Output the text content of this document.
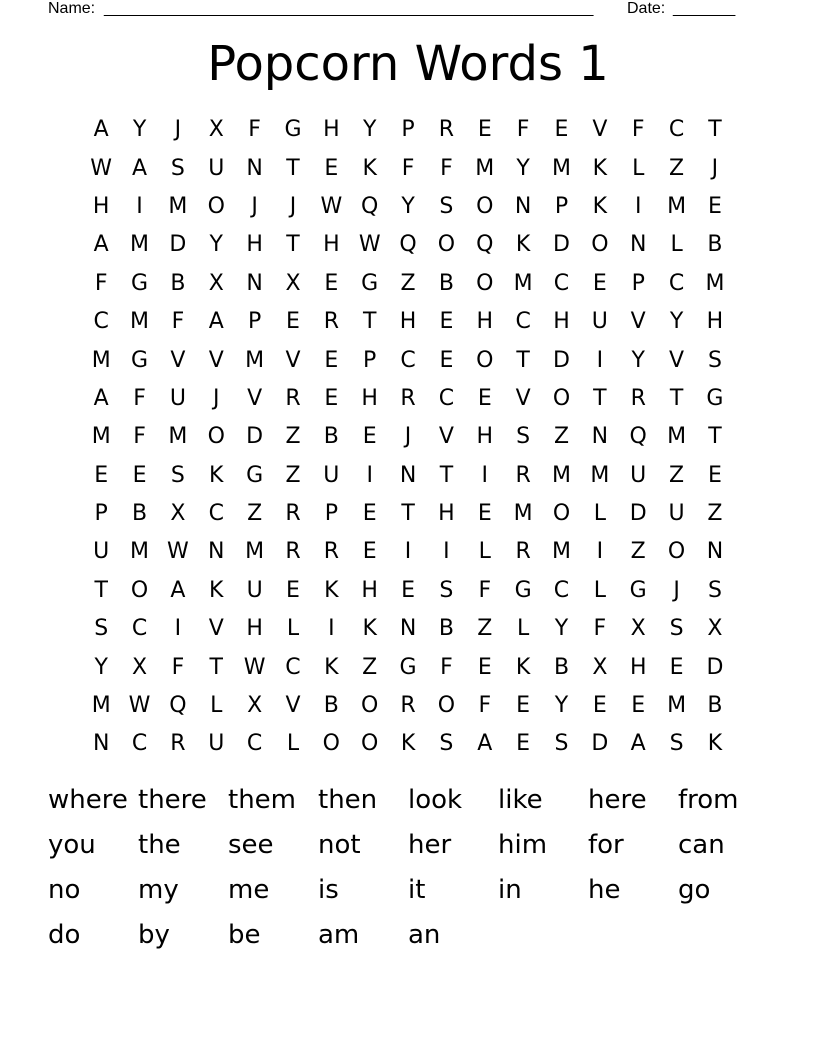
Name: _______________________________________________________ Date: _______
Popcorn Words 1
A	Y	J	X	F	G H	Y	P	R	E	F	E	V	F	C	T
W A	S	U	N	T	E	K	F	F	M	Y	M K	L	Z	J
H	I	M O	J	J	W Q	Y	S	O N	P	K	I	M E
A M D	Y	H	T	H W Q O Q	K	D O N	L	B
F	G	B	X	N	X	E	G	Z	B	O M C	E	P	C M
C M	F	A	P	E	R	T	H	E	H	C	H	U	V	Y	H
M G	V	V M V	E	P	C	E	O	T	D	I	Y	V	S
A	F	U	J	V	R	E	H	R	C	E	V	O	T	R	T	G
M	F	M O D	Z	B	E	J	V	H	S	Z	N Q M	T
E	E	S	K	G	Z	U	I	N	T	I	R M M U	Z	E
P	B	X	C	Z	R	P	E	T	H	E M O	L	D U	Z
U M W N M R	R	E	I	I	L	R M	I	Z	O N
T	O	A	K	U	E	K	H	E	S	F	G	C	L	G	J	S
S	C	I	V	H	L	I	K	N	B	Z	L	Y	F	X	S	X
Y	X	F	T W C	K	Z	G	F	E	K	B	X	H	E	D
M W Q	L	X	V	B	O	R	O	F	E	Y	E	E M B
N	C	R	U	C	L	O O	K	S	A	E	S	D	A	S	K
where there them then	look	like	here	from
you	the	see	not	her	him	for	can
no	my	me	is	it	in	he	go
do	by	be	am	an
